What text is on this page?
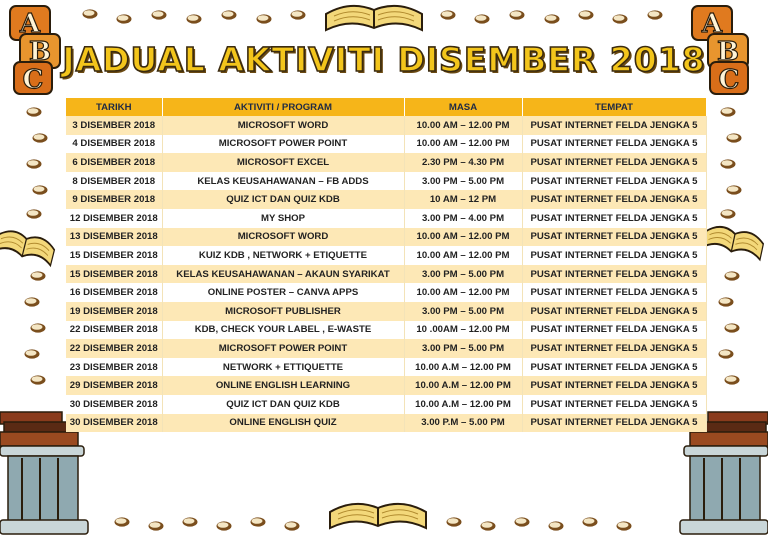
A
B
C
A
B
C
JADUAL AKTIVITI DISEMBER 2018
TARIKH	AKTIVITI / PROGRAM	MASA	TEMPAT
3 DISEMBER 2018	MICROSOFT WORD	10.00 AM – 12.00 PM	PUSAT INTERNET FELDA JENGKA 5
4 DISEMBER 2018	MICROSOFT POWER POINT	10.00 AM – 12.00 PM	PUSAT INTERNET FELDA JENGKA 5
6 DISEMBER 2018	MICROSOFT EXCEL	2.30 PM – 4.30 PM	PUSAT INTERNET FELDA JENGKA 5
8 DISEMBER 2018	KELAS KEUSAHAWANAN – FB ADDS	3.00 PM – 5.00 PM	PUSAT INTERNET FELDA JENGKA 5
9 DISEMBER 2018	QUIZ ICT DAN QUIZ KDB	10 AM – 12 PM	PUSAT INTERNET FELDA JENGKA 5
12 DISEMBER 2018	MY SHOP	3.00 PM – 4.00 PM	PUSAT INTERNET FELDA JENGKA 5
13 DISEMBER 2018	MICROSOFT WORD	10.00 AM – 12.00 PM	PUSAT INTERNET FELDA JENGKA 5
15 DISEMBER 2018	KUIZ KDB , NETWORK + ETIQUETTE	10.00 AM – 12.00 PM	PUSAT INTERNET FELDA JENGKA 5
15 DISEMBER 2018	KELAS KEUSAHAWANAN – AKAUN SYARIKAT	3.00 PM – 5.00 PM	PUSAT INTERNET FELDA JENGKA 5
16 DISEMBER 2018	ONLINE POSTER – CANVA APPS	10.00 AM – 12.00 PM	PUSAT INTERNET FELDA JENGKA 5
19 DISEMBER 2018	MICROSOFT PUBLISHER	3.00 PM – 5.00 PM	PUSAT INTERNET FELDA JENGKA 5
22 DISEMBER 2018	KDB, CHECK YOUR LABEL , E-WASTE	10 .00AM – 12.00 PM	PUSAT INTERNET FELDA JENGKA 5
22 DISEMBER 2018	MICROSOFT POWER POINT	3.00 PM – 5.00 PM	PUSAT INTERNET FELDA JENGKA 5
23 DISEMBER 2018	NETWORK + ETTIQUETTE	10.00 A.M – 12.00 PM	PUSAT INTERNET FELDA JENGKA 5
29 DISEMBER 2018	ONLINE ENGLISH LEARNING	10.00 A.M – 12.00 PM	PUSAT INTERNET FELDA JENGKA 5
30 DISEMBER 2018	QUIZ ICT DAN QUIZ KDB	10.00 A.M – 12.00 PM	PUSAT INTERNET FELDA JENGKA 5
30 DISEMBER 2018	ONLINE ENGLISH QUIZ	3.00 P.M – 5.00 PM	PUSAT INTERNET FELDA JENGKA 5
